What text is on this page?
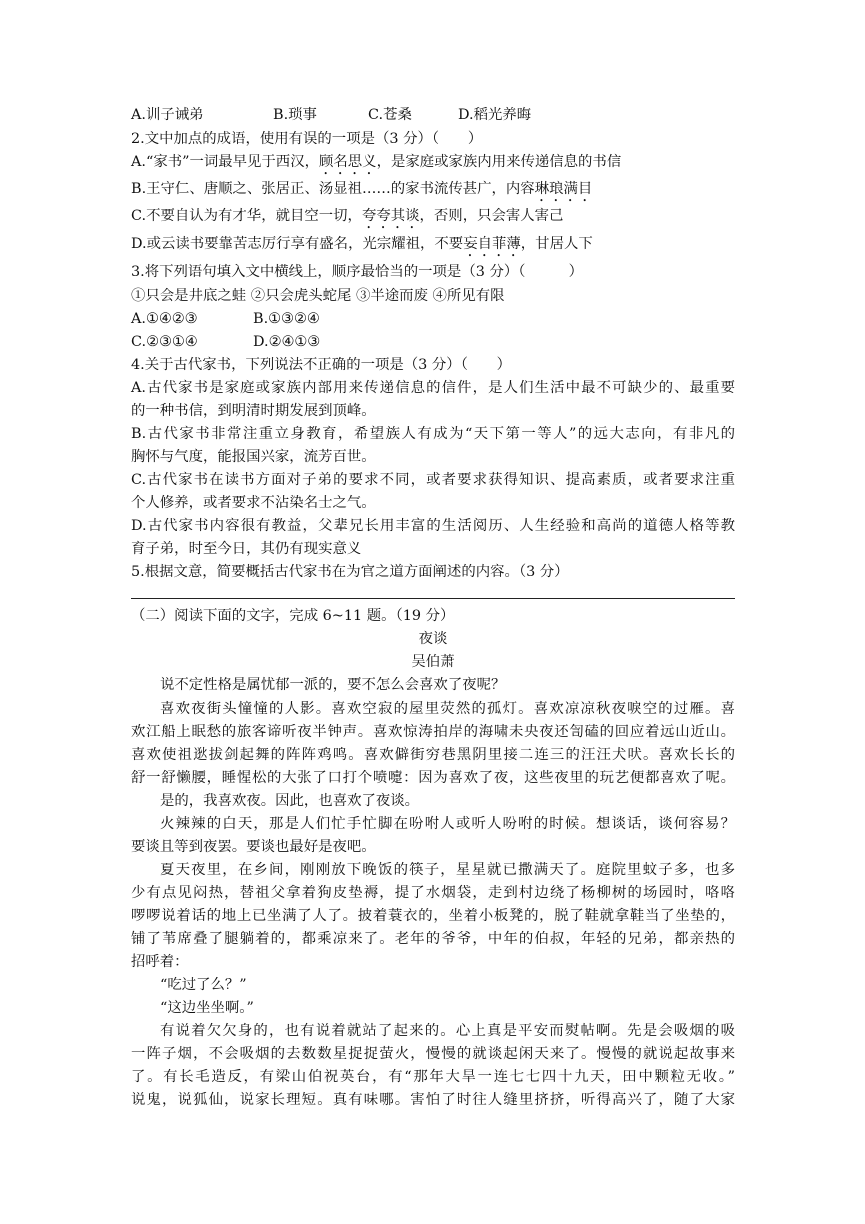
A.训子诫弟	B.琐事	C.苍桑	D.稻光养晦
2.文中加点的成语，使用有误的一项是（3 分）（　　）
A.“家书”一词最早见于西汉，顾名思义，是家庭或家族内用来传递信息的书信
B.王守仁、唐顺之、张居正、汤显祖……的家书流传甚广，内容琳琅满目
C.不要自认为有才华，就目空一切，夸夸其谈，否则，只会害人害己
D.或云读书要靠苦志厉行享有盛名，光宗耀祖，不要妄自菲薄，甘居人下
3.将下列语句填入文中横线上，顺序最恰当的一项是（3 分）（　　　）
①只会是井底之蛙 ②只会虎头蛇尾 ③半途而废 ④所见有限
A.①④②③	B.①③②④
C.②③①④	D.②④①③
4.关于古代家书，下列说法不正确的一项是（3 分）（　　）
A.古代家书是家庭或家族内部用来传递信息的信件，是人们生活中最不可缺少的、最重要
的一种书信，到明清时期发展到顶峰。
B.古代家书非常注重立身教育，希望族人有成为“天下第一等人”的远大志向，有非凡的
胸怀与气度，能报国兴家，流芳百世。
C.古代家书在读书方面对子弟的要求不同，或者要求获得知识、提高素质，或者要求注重
个人修养，或者要求不沾染名士之气。
D.古代家书内容很有教益，父辈兄长用丰富的生活阅历、人生经验和高尚的道德人格等教
育子弟，时至今日，其仍有现实意义
5.根据文意，简要概括古代家书在为官之道方面阐述的内容。（3 分）
（二）阅读下面的文字，完成 6~11 题。（19 分）
夜谈
吴伯萧
说不定性格是属忧郁一派的，要不怎么会喜欢了夜呢？
喜欢夜街头憧憧的人影。喜欢空寂的屋里荧然的孤灯。喜欢凉凉秋夜唳空的过雁。喜
欢江船上眠愁的旅客谛听夜半钟声。喜欢惊涛拍岸的海啸未央夜还訇磕的回应着远山近山。
喜欢使祖逖拔剑起舞的阵阵鸡鸣。喜欢僻街穷巷黑阴里接二连三的汪汪犬吠。喜欢长长的
舒一舒懒腰，睡惺松的大张了口打个喷嚏：因为喜欢了夜，这些夜里的玩艺便都喜欢了呢。
是的，我喜欢夜。因此，也喜欢了夜谈。
火辣辣的白天，那是人们忙手忙脚在吩咐人或听人吩咐的时候。想谈话，谈何容易？
要谈且等到夜罢。要谈也最好是夜吧。
夏天夜里，在乡间，刚刚放下晚饭的筷子，星星就已撒满天了。庭院里蚊子多，也多
少有点见闷热，替祖父拿着狗皮垫褥，提了水烟袋，走到村边绕了杨柳树的场园时，咯咯
啰啰说着话的地上已坐满了人了。披着蓑衣的，坐着小板凳的，脱了鞋就拿鞋当了坐垫的，
铺了苇席叠了腿躺着的，都乘凉来了。老年的爷爷，中年的伯叔，年轻的兄弟，都亲热的
招呼着：
“吃过了么？”
“这边坐坐啊。”
有说着欠欠身的，也有说着就站了起来的。心上真是平安而熨帖啊。先是会吸烟的吸
一阵子烟，不会吸烟的去数数星捉捉萤火，慢慢的就谈起闲天来了。慢慢的就说起故事来
了。有长毛造反，有梁山伯祝英台，有“那年大旱一连七七四十九天，田中颗粒无收。”
说鬼，说狐仙，说家长理短。真有味哪。害怕了时往人缝里挤挤，听得高兴了，随了大家
